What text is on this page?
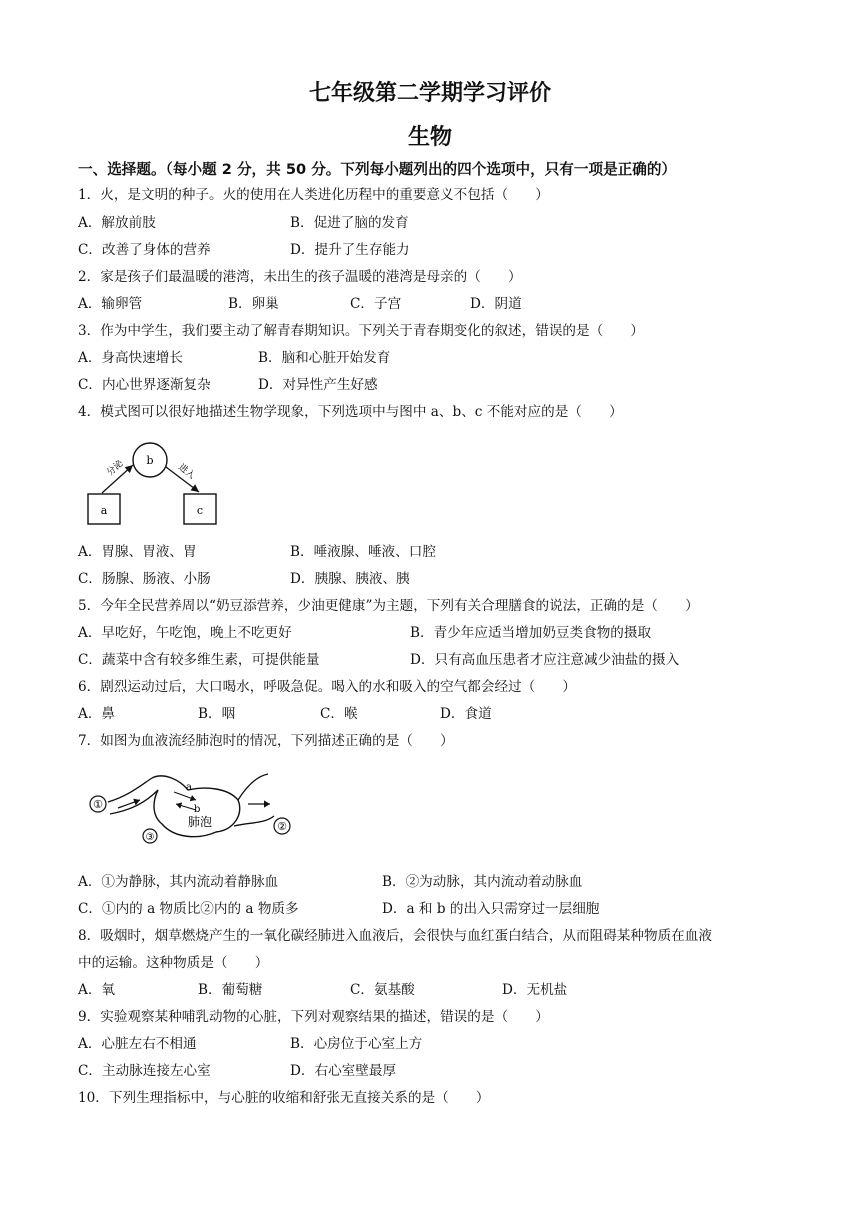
七年级第二学期学习评价
生物
一、选择题。（每小题 2 分，共 50 分。下列每小题列出的四个选项中，只有一项是正确的）
1．火，是文明的种子。火的使用在人类进化历程中的重要意义不包括（　　）
A．解放前肢	B．促进了脑的发育
C．改善了身体的营养	D．提升了生存能力
2．家是孩子们最温暖的港湾，未出生的孩子温暖的港湾是母亲的（　　）
A．输卵管	B．卵巢	C．子宫	D．阴道
3．作为中学生，我们要主动了解青春期知识。下列关于青春期变化的叙述，错误的是（　　）
A．身高快速增长	B．脑和心脏开始发育
C．内心世界逐渐复杂	D．对异性产生好感
4．模式图可以很好地描述生物学现象，下列选项中与图中 a、b、c 不能对应的是（　　）
a
b
c
分泌	进入
A．胃腺、胃液、胃	B．唾液腺、唾液、口腔
C．肠腺、肠液、小肠	D．胰腺、胰液、胰
5．今年全民营养周以“奶豆添营养，少油更健康”为主题，下列有关合理膳食的说法，正确的是（　　）
A．早吃好，午吃饱，晚上不吃更好	B．青少年应适当增加奶豆类食物的摄取
C．蔬菜中含有较多维生素，可提供能量	D．只有高血压患者才应注意减少油盐的摄入
6．剧烈运动过后，大口喝水，呼吸急促。喝入的水和吸入的空气都会经过（　　）
A．鼻	B．咽	C．喉	D．食道
7．如图为血液流经肺泡时的情况，下列描述正确的是（　　）
①
②
③
a
b
肺泡
A．①为静脉，其内流动着静脉血	B．②为动脉，其内流动着动脉血
C．①内的 a 物质比②内的 a 物质多	D．a 和 b 的出入只需穿过一层细胞
8．吸烟时，烟草燃烧产生的一氧化碳经肺进入血液后，会很快与血红蛋白结合，从而阻碍某种物质在血液
中的运输。这种物质是（　　）
A．氧	B．葡萄糖	C．氨基酸	D．无机盐
9．实验观察某种哺乳动物的心脏，下列对观察结果的描述，错误的是（　　）
A．心脏左右不相通	B．心房位于心室上方
C．主动脉连接左心室	D．右心室壁最厚
10．下列生理指标中，与心脏的收缩和舒张无直接关系的是（　　）
